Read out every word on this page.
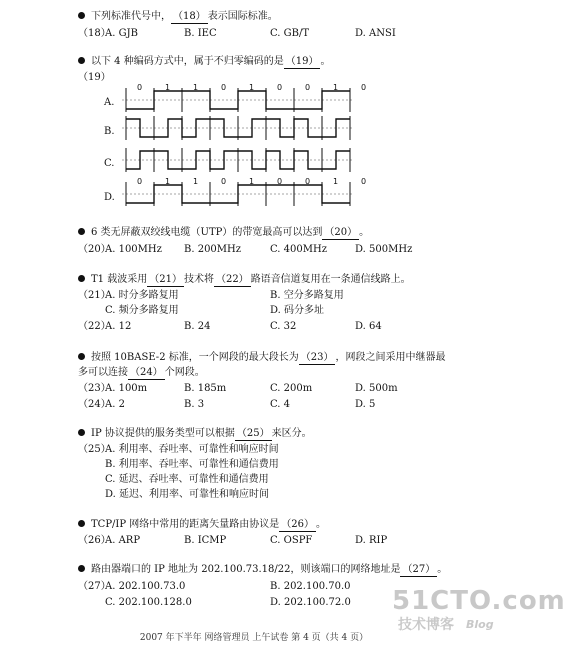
下列标准代号中， （18） 表示国际标准。
（18）
A. GJB	B. IEC	C. GB/T	D. ANSI
以下 4 种编码方式中，属于不归零编码的是 （19） 。
（19）
0	1	1	0	1	0	0	1	0
0	1	1	0	1	0	0	1	0
A.
B.
C.
D.
6 类无屏蔽双绞线电缆（UTP）的带宽最高可以达到 （20） 。
（20）
A. 100MHz B. 200MHz	C. 400MHz	D. 500MHz
T1 载波采用 （21） 技术将 （22） 路语音信道复用在一条通信线路上。
（21）
A. 时分多路复用	B. 空分多路复用
C. 频分多路复用	D. 码分多址
（22）
A. 12	B. 24	C. 32	D. 64
按照 10BASE-2 标准，一个网段的最大段长为 （23） ，网段之间采用中继器最
多可以连接 （24） 个网段。
（23）
A. 100m	B. 185m	C. 200m	D. 500m
（24）
A. 2	B. 3	C. 4	D. 5
IP 协议提供的服务类型可以根据 （25） 来区分。
（25）
A. 利用率、吞吐率、可靠性和响应时间
B. 利用率、吞吐率、可靠性和通信费用
C. 延迟、吞吐率、可靠性和通信费用
D. 延迟、利用率、可靠性和响应时间
TCP/IP 网络中常用的距离矢量路由协议是 （26） 。
（26）
A. ARP	B. ICMP	C. OSPF	D. RIP
路由器端口的 IP 地址为 202.100.73.18/22，则该端口的网络地址是 （27） 。
（27）
A. 202.100.73.0	B. 202.100.70.0
C. 202.100.128.0	D. 202.100.72.0 51CTO.com
技术博客 Blog
2007 年下半年 网络管理员 上午试卷 第 4 页（共 4 页）
